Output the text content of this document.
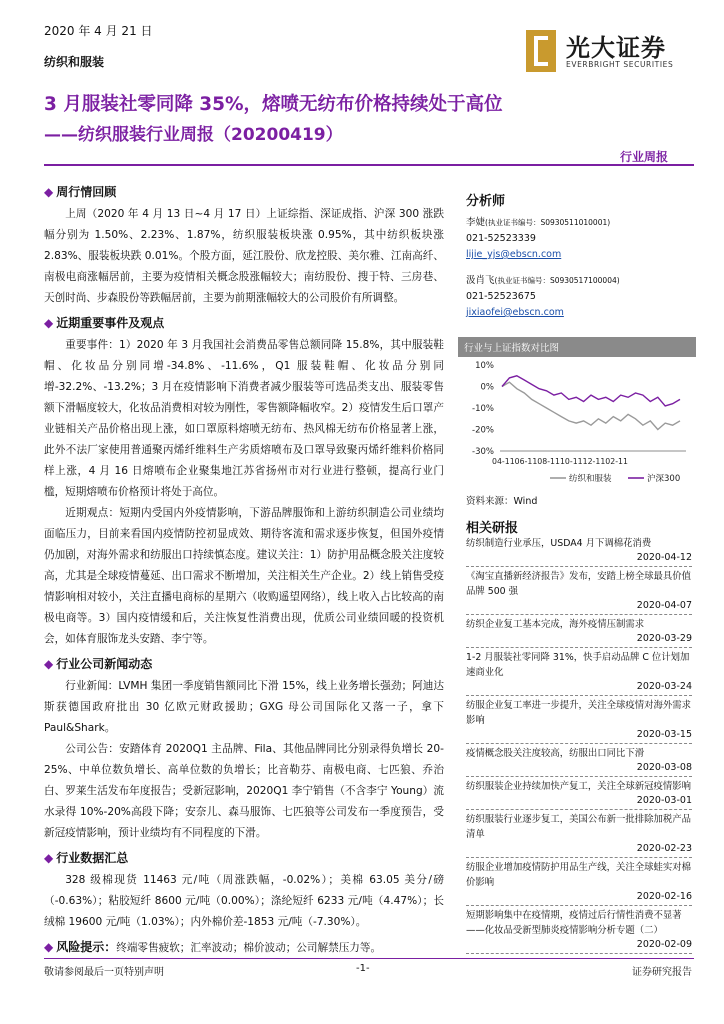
2020 年 4 月 21 日
纺织和服装	光大证券
EVERBRIGHT SECURITIES
3 月服装社零同降 35%，熔喷无纺布价格持续处于高位
——纺织服装行业周报（20200419）
行业周报
◆ 周行情回顾

上周（2020 年 4 月 13 日~4 月 17 日）上证综指、深证成指、沪深 300 涨跌幅分别为 1.50%、2.23%、1.87%，纺织服装板块涨 0.95%，其中纺织板块涨 2.83%、服装板块跌 0.01%。个股方面，延江股份、欣龙控股、美尔雅、江南高纤、南极电商涨幅居前，主要为疫情相关概念股涨幅较大；南纺股份、搜于特、三房巷、天创时尚、步森股份等跌幅居前，主要为前期涨幅较大的公司股价有所调整。

◆ 近期重要事件及观点

重要事件：1）2020 年 3 月我国社会消费品零售总额同降 15.8%，其中服装鞋帽、化妆品分别同增-34.8%、-11.6%，Q1 服装鞋帽、化妆品分别同增-32.2%、-13.2%；3 月在疫情影响下消费者减少服装等可选品类支出、服装零售额下滑幅度较大，化妆品消费相对较为刚性，零售额降幅收窄。2）疫情发生后口罩产业链相关产品价格出现上涨，如口罩原料熔喷无纺布、热风棉无纺布价格显著上涨，此外不法厂家使用普通聚丙烯纤维料生产劣质熔喷布及口罩导致聚丙烯纤维料价格同样上涨，4 月 16 日熔喷布企业聚集地江苏省扬州市对行业进行整顿，提高行业门槛，短期熔喷布价格预计将处于高位。

近期观点：短期内受国内外疫情影响，下游品牌服饰和上游纺织制造公司业绩均面临压力，目前来看国内疫情防控初显成效、期待客流和需求逐步恢复，但国外疫情仍加剧，对海外需求和纺服出口持续慎态度。建议关注：1）防护用品概念股关注度较高，尤其是全球疫情蔓延、出口需求不断增加，关注相关生产企业。2）线上销售受疫情影响相对较小，关注直播电商标的星期六（收购遥望网络），线上收入占比较高的南极电商等。3）国内疫情缓和后，关注恢复性消费出现，优质公司业绩回暖的投资机会，如体育服饰龙头安踏、李宁等。

◆ 行业公司新闻动态

行业新闻：LVMH 集团一季度销售额同比下滑 15%，线上业务增长强劲；阿迪达斯获德国政府批出 30 亿欧元财政援助；GXG 母公司国际化又落一子，拿下 Paul&Shark。

公司公告：安踏体育 2020Q1 主品牌、Fila、其他品牌同比分别录得负增长 20-25%、中单位数负增长、高单位数的负增长；比音勒芬、南极电商、七匹狼、乔治白、罗莱生活发布年度报告；受新冠影响，2020Q1 李宁销售（不含李宁 Young）流水录得 10%-20%高段下降；安奈儿、森马服饰、七匹狼等公司发布一季度预告，受新冠疫情影响，预计业绩均有不同程度的下滑。

◆ 行业数据汇总

328 级棉现货 11463 元/吨（周涨跌幅，-0.02%）；美棉 63.05 美分/磅（-0.63%）；粘胶短纤 8600 元/吨（0.00%）；涤纶短纤 6233 元/吨（4.47%）；长绒棉 19600 元/吨（1.03%）；内外棉价差-1853 元/吨（-7.30%）。

◆ 风险提示：终端零售疲软；汇率波动；棉价波动；公司解禁压力等。
分析师
李婕(执业证书编号：S0930511010001)
021-52523339
lijie_yjs@ebscn.com
汲肖飞(执业证书编号：S0930517100004)
021-52523675
jixiaofei@ebscn.com
行业与上证指数对比图
10%
0%
-10%
-20%
-30%
04-1106-1108-1110-1112-1102-11
纺织和服装	沪深300
资料来源：Wind
相关研报
纺织制造行业承压，USDA4 月下调棉花消费
2020-04-12
《淘宝直播新经济报告》发布，安踏上榜全球最具价值品牌 500 强
2020-04-07
纺织企业复工基本完成，海外疫情压制需求
2020-03-29
1-2 月服装社零同降 31%，快手启动品牌 C 位计划加速商业化
2020-03-24
纺服企业复工率进一步提升，关注全球疫情对海外需求影响
2020-03-15
疫情概念股关注度较高，纺服出口同比下滑
2020-03-08
纺织服装企业持续加快产复工，关注全球新冠疫情影响
2020-03-01
纺织服装行业逐步复工，美国公布新一批排除加税产品清单
2020-02-23
纺服企业增加疫情防护用品生产线，关注全球蛙实对棉价影响
2020-02-16
短期影响集中在疫情期，疫情过后行情性消费不显著——化妆品受新型肺炎疫情影响分析专题（二）
2020-02-09
敬请参阅最后一页特别声明	-1-	证券研究报告
